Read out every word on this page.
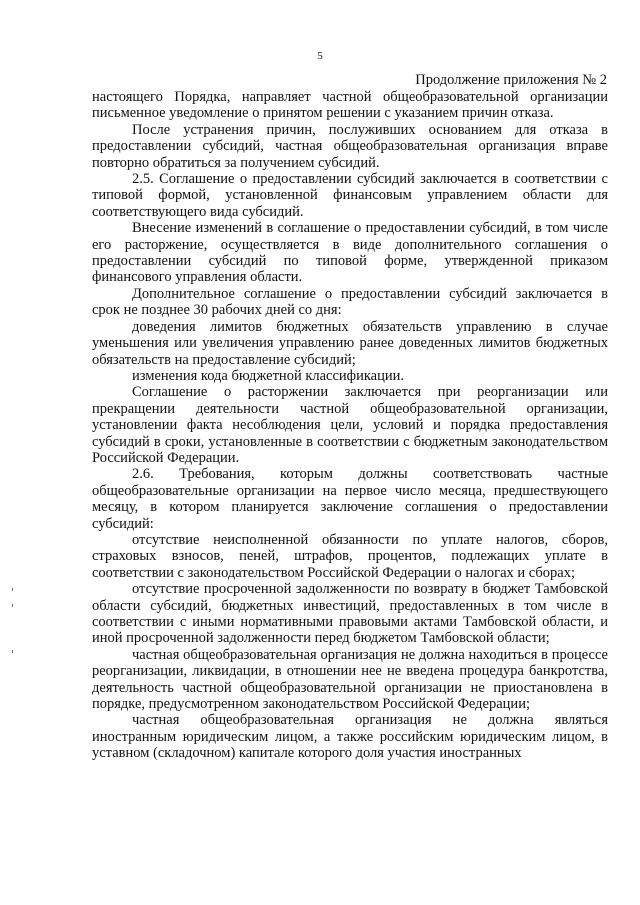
5
Продолжение приложения № 2

настоящего Порядка, направляет частной общеобразовательной организации письменное уведомление о принятом решении с указанием причин отказа.

После устранения причин, послуживших основанием для отказа в предоставлении субсидий, частная общеобразовательная организация вправе повторно обратиться за получением субсидий.

2.5. Соглашение о предоставлении субсидий заключается в соответствии с типовой формой, установленной финансовым управлением области для соответствующего вида субсидий.

Внесение изменений в соглашение о предоставлении субсидий, в том числе его расторжение, осуществляется в виде дополнительного соглашения о предоставлении субсидий по типовой форме, утвержденной приказом финансового управления области.

Дополнительное соглашение о предоставлении субсидий заключается в срок не позднее 30 рабочих дней со дня:

доведения лимитов бюджетных обязательств управлению в случае уменьшения или увеличения управлению ранее доведенных лимитов бюджетных обязательств на предоставление субсидий;

изменения кода бюджетной классификации.

Соглашение о расторжении заключается при реорганизации или прекращении деятельности частной общеобразовательной организации, установлении факта несоблюдения цели, условий и порядка предоставления субсидий в сроки, установленные в соответствии с бюджетным законодательством Российской Федерации.

2.6. Требования, которым должны соответствовать частные общеобразовательные организации на первое число месяца, предшествующего месяцу, в котором планируется заключение соглашения о предоставлении субсидий:

отсутствие неисполненной обязанности по уплате налогов, сборов, страховых взносов, пеней, штрафов, процентов, подлежащих уплате в соответствии с законодательством Российской Федерации о налогах и сборах;

отсутствие просроченной задолженности по возврату в бюджет Тамбовской области субсидий, бюджетных инвестиций, предоставленных в том числе в соответствии с иными нормативными правовыми актами Тамбовской области, и иной просроченной задолженности перед бюджетом Тамбовской области;

частная общеобразовательная организация не должна находиться в процессе реорганизации, ликвидации, в отношении нее не введена процедура банкротства, деятельность частной общеобразовательной организации не приостановлена в порядке, предусмотренном законодательством Российской Федерации;

частная общеобразовательная организация не должна являться иностранным юридическим лицом, а также российским юридическим лицом, в уставном (складочном) капитале которого доля участия иностранных
